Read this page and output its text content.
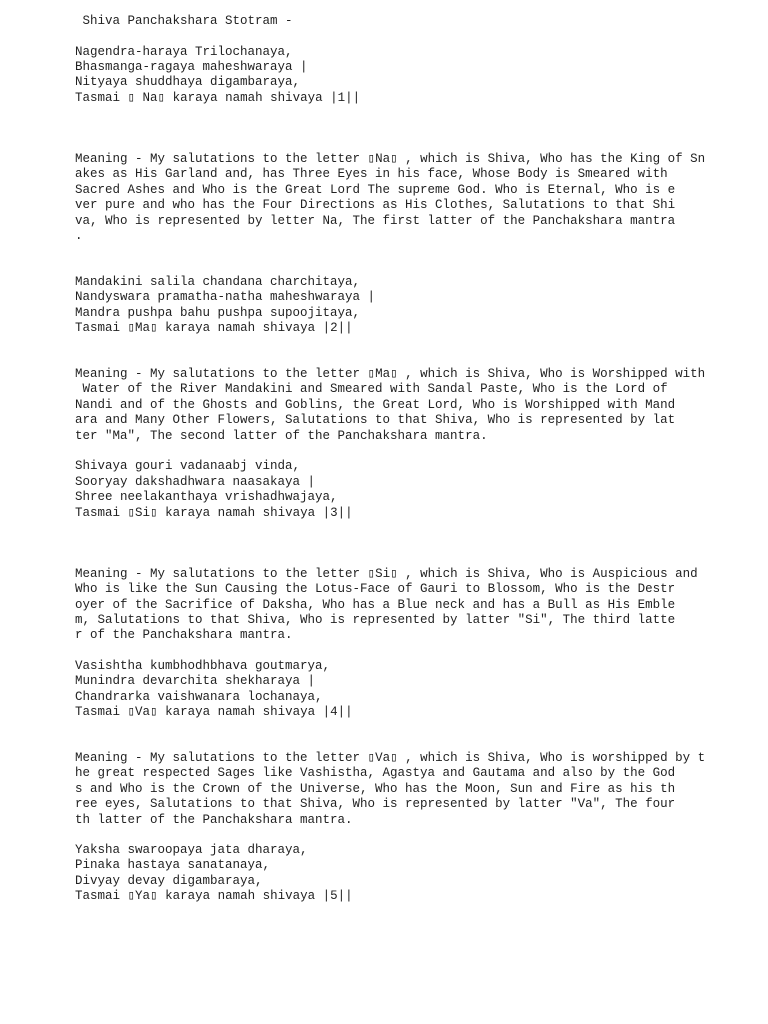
Shiva Panchakshara Stotram -
Nagendra-haraya Trilochanaya,
Bhasmanga-ragaya maheshwaraya |
Nityaya shuddhaya digambaraya,
Tasmai ▯ Na▯ karaya namah shivaya |1||
Meaning - My salutations to the letter ▯Na▯ , which is Shiva, Who has the King of Sn
akes as His Garland and, has Three Eyes in his face, Whose Body is Smeared with
Sacred Ashes and Who is the Great Lord The supreme God. Who is Eternal, Who is e
ver pure and who has the Four Directions as His Clothes, Salutations to that Shi
va, Who is represented by letter Na, The first latter of the Panchakshara mantra
.
Mandakini salila chandana charchitaya,
Nandyswara pramatha-natha maheshwaraya |
Mandra pushpa bahu pushpa supoojitaya,
Tasmai ▯Ma▯ karaya namah shivaya |2||
Meaning - My salutations to the letter ▯Ma▯ , which is Shiva, Who is Worshipped with
Water of the River Mandakini and Smeared with Sandal Paste, Who is the Lord of
Nandi and of the Ghosts and Goblins, the Great Lord, Who is Worshipped with Mand
ara and Many Other Flowers, Salutations to that Shiva, Who is represented by lat
ter "Ma", The second latter of the Panchakshara mantra.
Shivaya gouri vadanaabj vinda,
Sooryay dakshadhwara naasakaya |
Shree neelakanthaya vrishadhwajaya,
Tasmai ▯Si▯ karaya namah shivaya |3||
Meaning - My salutations to the letter ▯Si▯ , which is Shiva, Who is Auspicious and
Who is like the Sun Causing the Lotus-Face of Gauri to Blossom, Who is the Destr
oyer of the Sacrifice of Daksha, Who has a Blue neck and has a Bull as His Emble
m, Salutations to that Shiva, Who is represented by latter "Si", The third latte
r of the Panchakshara mantra.
Vasishtha kumbhodhbhava goutmarya,
Munindra devarchita shekharaya |
Chandrarka vaishwanara lochanaya,
Tasmai ▯Va▯ karaya namah shivaya |4||
Meaning - My salutations to the letter ▯Va▯ , which is Shiva, Who is worshipped by t
he great respected Sages like Vashistha, Agastya and Gautama and also by the God
s and Who is the Crown of the Universe, Who has the Moon, Sun and Fire as his th
ree eyes, Salutations to that Shiva, Who is represented by latter "Va", The four
th latter of the Panchakshara mantra.
Yaksha swaroopaya jata dharaya,
Pinaka hastaya sanatanaya,
Divyay devay digambaraya,
Tasmai ▯Ya▯ karaya namah shivaya |5||
